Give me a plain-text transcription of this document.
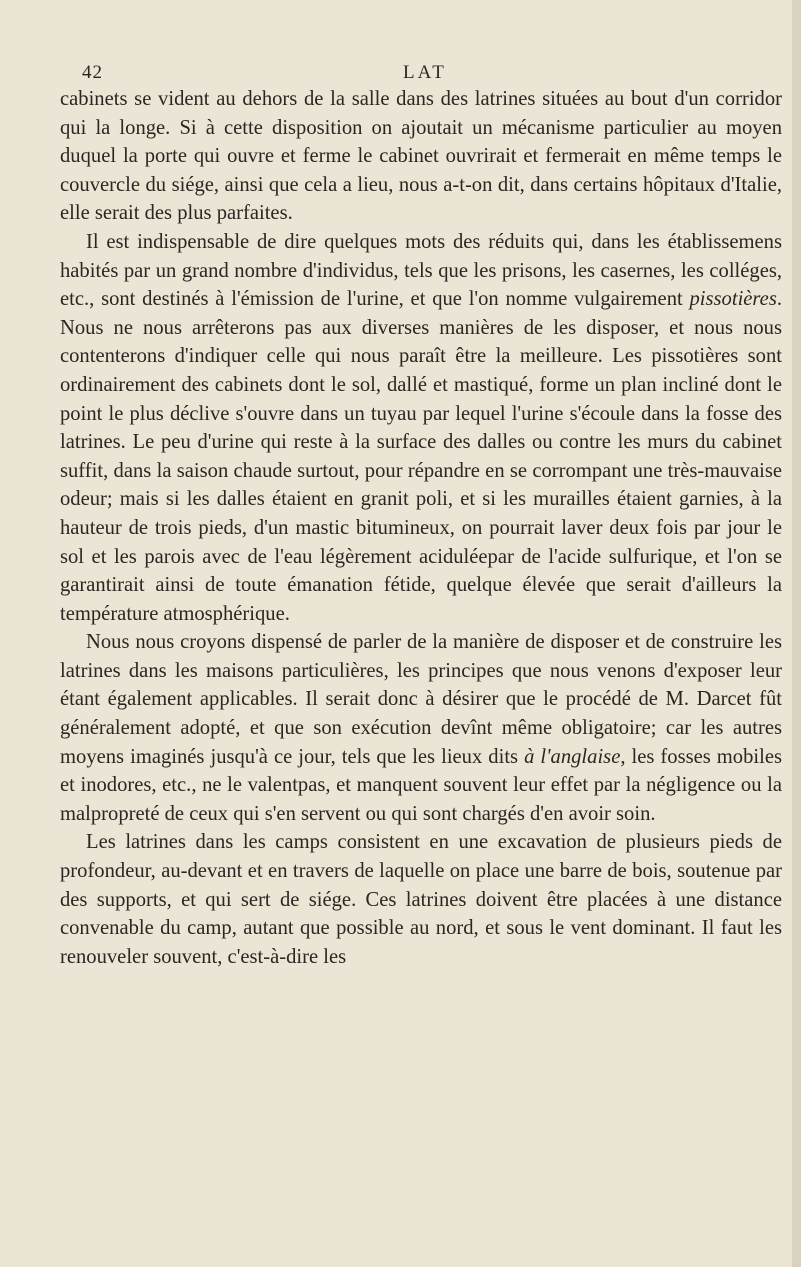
42	LAT

cabinets se vident au dehors de la salle dans des latrines situées au bout d'un corridor qui la longe. Si à cette disposition on ajoutait un mécanisme particulier au moyen duquel la porte qui ouvre et ferme le cabinet ouvrirait et fermerait en même temps le couvercle du siége, ainsi que cela a lieu, nous a-t-on dit, dans certains hôpitaux d'Italie, elle serait des plus parfaites.

Il est indispensable de dire quelques mots des réduits qui, dans les établissemens habités par un grand nombre d'individus, tels que les prisons, les casernes, les colléges, etc., sont destinés à l'émission de l'urine, et que l'on nomme vulgairement pissotières. Nous ne nous arrêterons pas aux diverses manières de les disposer, et nous nous contenterons d'indiquer celle qui nous paraît être la meilleure. Les pissotières sont ordinairement des cabinets dont le sol, dallé et mastiqué, forme un plan incliné dont le point le plus déclive s'ouvre dans un tuyau par lequel l'urine s'écoule dans la fosse des latrines. Le peu d'urine qui reste à la surface des dalles ou contre les murs du cabinet suffit, dans la saison chaude surtout, pour répandre en se corrompant une très-mauvaise odeur; mais si les dalles étaient en granit poli, et si les murailles étaient garnies, à la hauteur de trois pieds, d'un mastic bitumineux, on pourrait laver deux fois par jour le sol et les parois avec de l'eau légèrement aciduléepar de l'acide sulfurique, et l'on se garantirait ainsi de toute émanation fétide, quelque élevée que serait d'ailleurs la température atmosphérique.

Nous nous croyons dispensé de parler de la manière de disposer et de construire les latrines dans les maisons particulières, les principes que nous venons d'exposer leur étant également applicables. Il serait donc à désirer que le procédé de M. Darcet fût généralement adopté, et que son exécution devînt même obligatoire; car les autres moyens imaginés jusqu'à ce jour, tels que les lieux dits à l'anglaise, les fosses mobiles et inodores, etc., ne le valentpas, et manquent souvent leur effet par la négligence ou la malpropreté de ceux qui s'en servent ou qui sont chargés d'en avoir soin.

Les latrines dans les camps consistent en une excavation de plusieurs pieds de profondeur, au-devant et en travers de laquelle on place une barre de bois, soutenue par des supports, et qui sert de siége. Ces latrines doivent être placées à une distance convenable du camp, autant que possible au nord, et sous le vent dominant. Il faut les renouveler souvent, c'est-à-dire les
